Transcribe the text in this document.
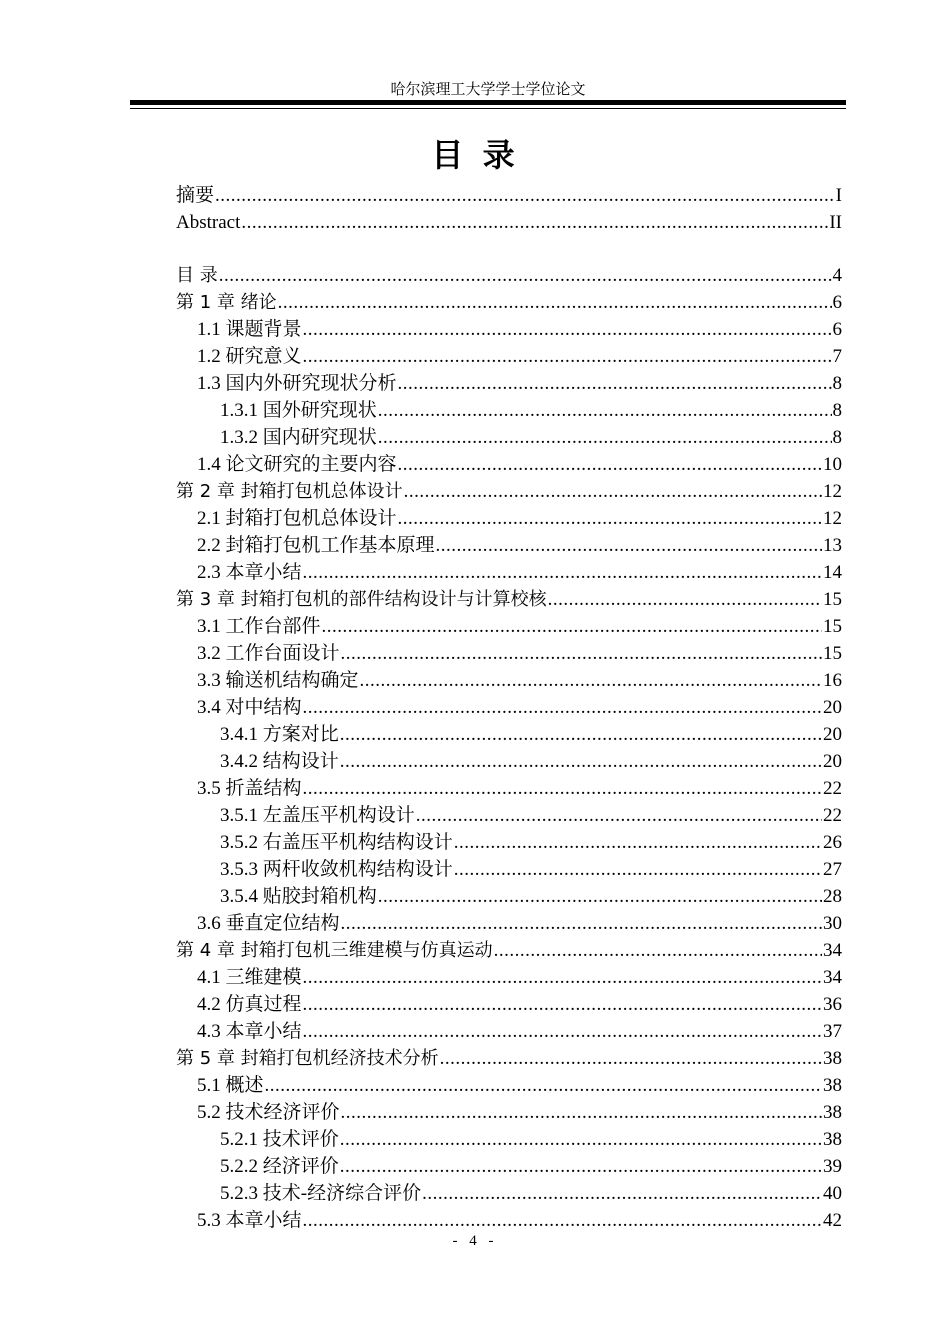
哈尔滨理工大学学士学位论文
目 录
摘要 .....	I
Abstract .....	II
目 录 .....	4
第 1 章 绪论 .....	6
1.1 课题背景 .....	6
1.2 研究意义 .....	7
1.3 国内外研究现状分析 .....	8
1.3.1 国外研究现状 .....	8
1.3.2 国内研究现状 .....	8
1.4 论文研究的主要内容 .....	10
第 2 章 封箱打包机总体设计 .....	12
2.1 封箱打包机总体设计 .....	12
2.2 封箱打包机工作基本原理 .....	13
2.3 本章小结 .....	14
第 3 章 封箱打包机的部件结构设计与计算校核 .....	15
3.1 工作台部件 .....	15
3.2 工作台面设计 .....	15
3.3 输送机结构确定 .....	16
3.4 对中结构 .....	20
3.4.1 方案对比 .....	20
3.4.2 结构设计 .....	20
3.5 折盖结构 .....	22
3.5.1 左盖压平机构设计 .....	22
3.5.2 右盖压平机构结构设计 .....	26
3.5.3 两杆收敛机构结构设计 .....	27
3.5.4 贴胶封箱机构 .....	28
3.6 垂直定位结构 .....	30
第 4 章 封箱打包机三维建模与仿真运动 .....	34
4.1 三维建模 .....	34
4.2 仿真过程 .....	36
4.3 本章小结 .....	37
第 5 章 封箱打包机经济技术分析 .....	38
5.1 概述 .....	38
5.2 技术经济评价 .....	38
5.2.1 技术评价 .....	38
5.2.2 经济评价 .....	39
5.2.3 技术-经济综合评价 .....	40
5.3 本章小结 .....	42
- 4 -
